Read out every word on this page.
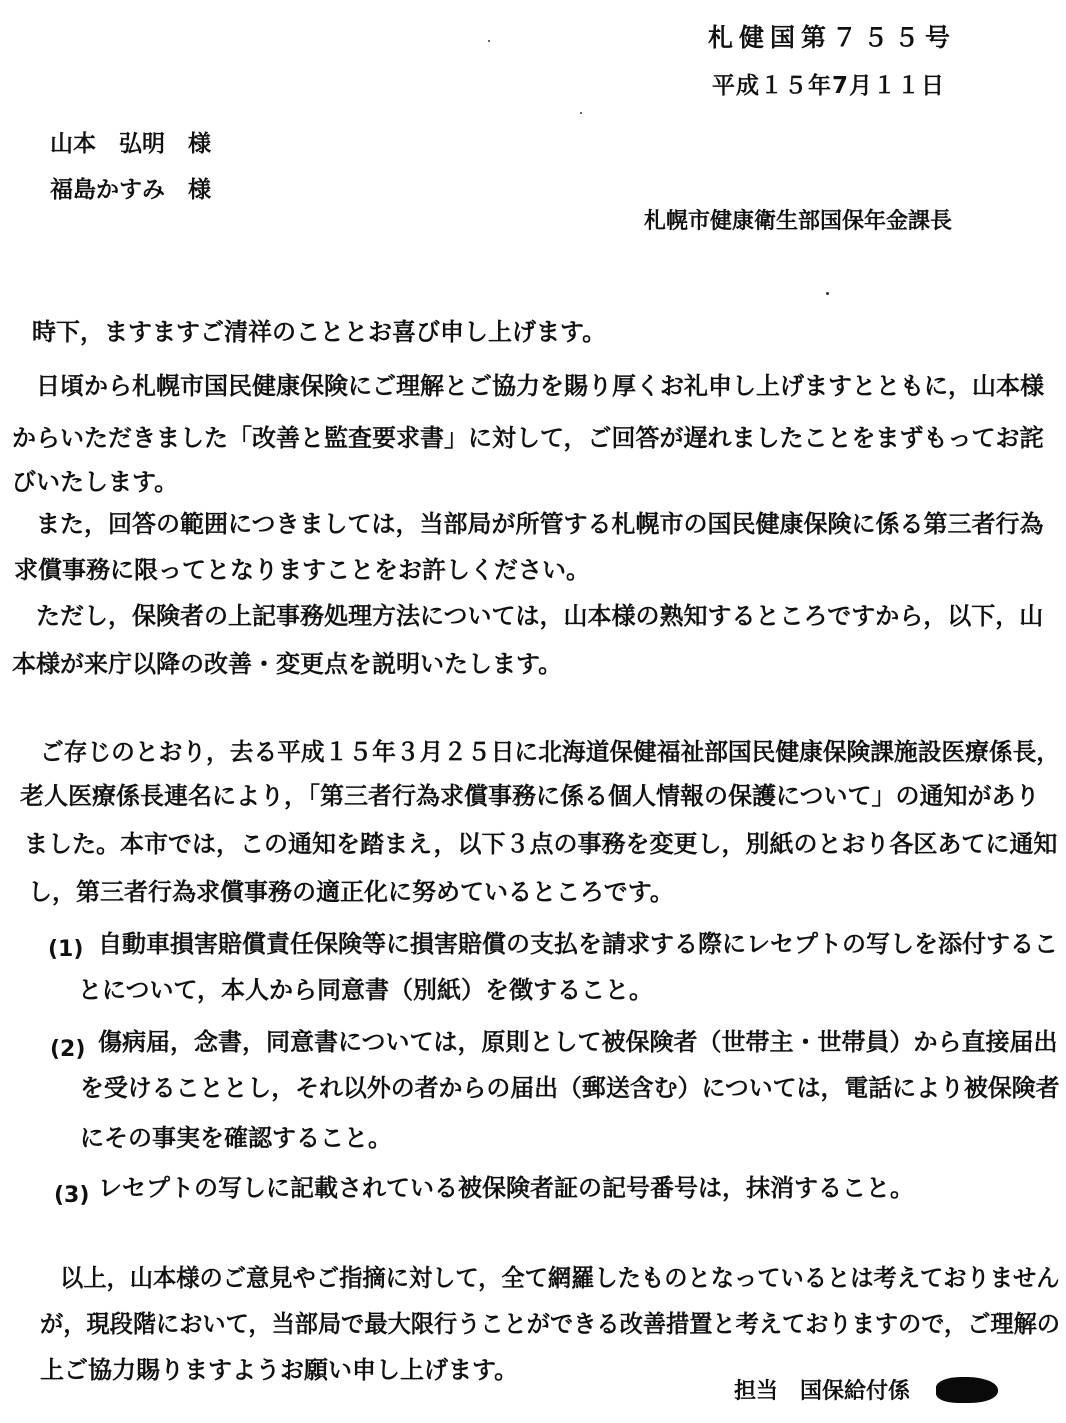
札健国第７５５号
平成１５年7月１１日
山本　弘明　様
福島かすみ　様
札幌市健康衛生部国保年金課長
時下，ますますご清祥のこととお喜び申し上げます。
日頃から札幌市国民健康保険にご理解とご協力を賜り厚くお礼申し上げますとともに，山本様
からいただきました「改善と監査要求書」に対して，ご回答が遅れましたことをまずもってお詫
びいたします。
また，回答の範囲につきましては，当部局が所管する札幌市の国民健康保険に係る第三者行為
求償事務に限ってとなりますことをお許しください。
ただし，保険者の上記事務処理方法については，山本様の熟知するところですから，以下，山
本様が来庁以降の改善・変更点を説明いたします。
ご存じのとおり，去る平成１５年３月２５日に北海道保健福祉部国民健康保険課施設医療係長，
老人医療係長連名により，「第三者行為求償事務に係る個人情報の保護について」の通知があり
ました。本市では，この通知を踏まえ，以下３点の事務を変更し，別紙のとおり各区あてに通知
し，第三者行為求償事務の適正化に努めているところです。
(1) 自動車損害賠償責任保険等に損害賠償の支払を請求する際にレセプトの写しを添付するこ
とについて，本人から同意書（別紙）を徴すること。
(2) 傷病届，念書，同意書については，原則として被保険者（世帯主・世帯員）から直接届出
を受けることとし，それ以外の者からの届出（郵送含む）については，電話により被保険者
にその事実を確認すること。
(3) レセプトの写しに記載されている被保険者証の記号番号は，抹消すること。
以上，山本様のご意見やご指摘に対して，全て網羅したものとなっているとは考えておりません
が，現段階において，当部局で最大限行うことができる改善措置と考えておりますので，ご理解の
上ご協力賜りますようお願い申し上げます。
担当　国保給付係
